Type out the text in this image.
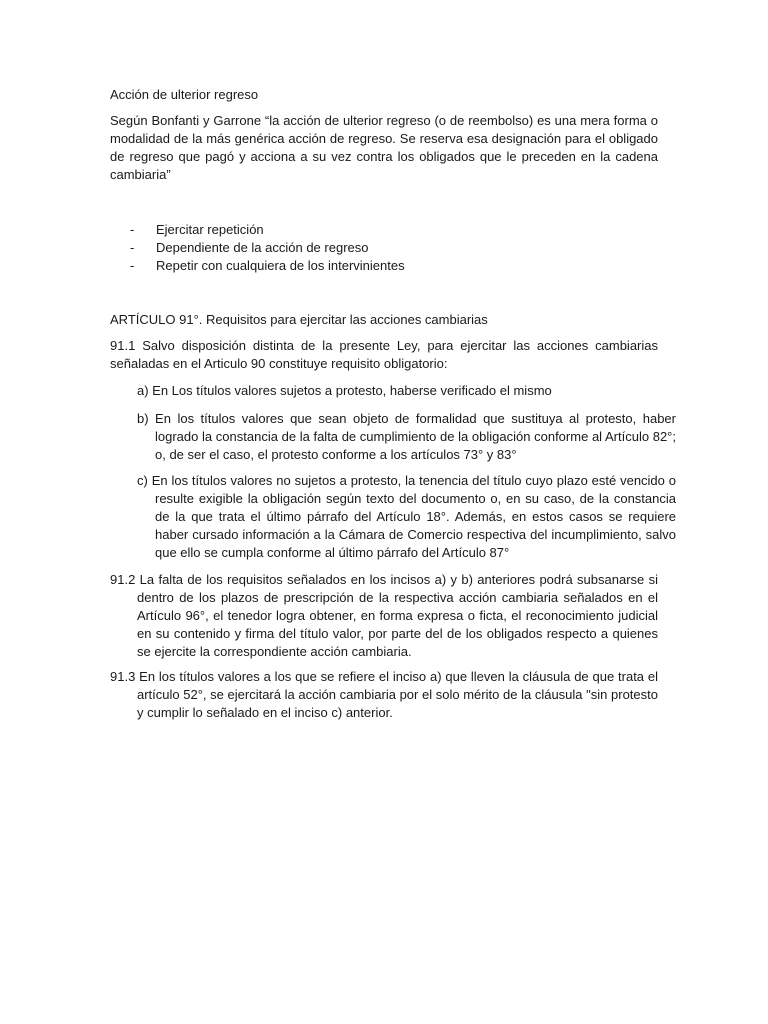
Acción de ulterior regreso

Según Bonfanti y Garrone “la acción de ulterior regreso (o de reembolso) es una mera forma o modalidad de la más genérica acción de regreso. Se reserva esa designación para el obligado de regreso que pagó y acciona a su vez contra los obligados que le preceden en la cadena cambiaria”

-	Ejercitar repetición
-	Dependiente de la acción de regreso
-	Repetir con cualquiera de los intervinientes

ARTÍCULO 91°. Requisitos para ejercitar las acciones cambiarias

91.1 Salvo disposición distinta de la presente Ley, para ejercitar las acciones cambiarias señaladas en el Articulo 90 constituye requisito obligatorio:

a) En Los títulos valores sujetos a protesto, haberse verificado el mismo

b) En los títulos valores que sean objeto de formalidad que sustituya al protesto, haber logrado la constancia de la falta de cumplimiento de la obligación conforme al Artículo 82°; o, de ser el caso, el protesto conforme a los artículos 73° y 83°

c) En los títulos valores no sujetos a protesto, la tenencia del título cuyo plazo esté vencido o resulte exigible la obligación según texto del documento o, en su caso, de la constancia de la que trata el último párrafo del Artículo 18°. Además, en estos casos se requiere haber cursado información a la Cámara de Comercio respectiva del incumplimiento, salvo que ello se cumpla conforme al último párrafo del Artículo 87°

91.2 La falta de los requisitos señalados en los incisos a) y b) anteriores podrá subsanarse si dentro de los plazos de prescripción de la respectiva acción cambiaria señalados en el Artículo 96°, el tenedor logra obtener, en forma expresa o ficta, el reconocimiento judicial en su contenido y firma del título valor, por parte del de los obligados respecto a quienes se ejercite la correspondiente acción cambiaria.

91.3 En los títulos valores a los que se refiere el inciso a) que lleven la cláusula de que trata el artículo 52°, se ejercitará la acción cambiaria por el solo mérito de la cláusula "sin protesto y cumplir lo señalado en el inciso c) anterior.
